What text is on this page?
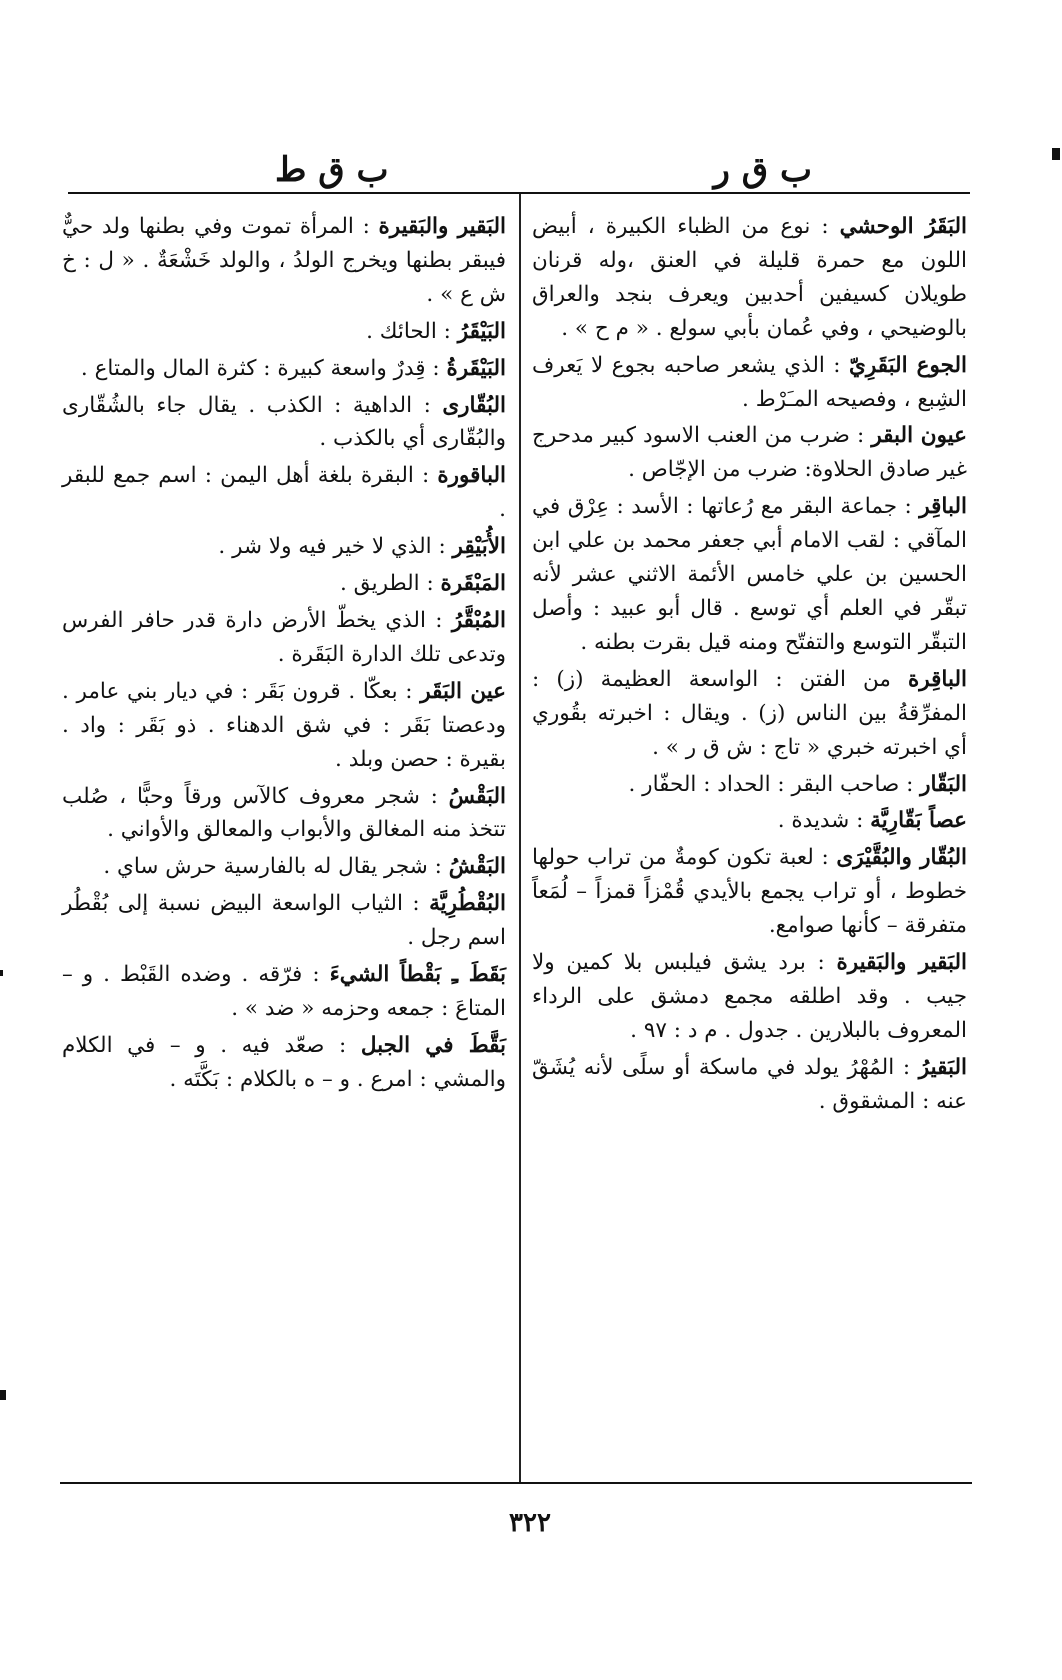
ب ق ر
ب ق ط
البَقَرُ الوحشي : نوع من الظباء الكبيرة ، أبيض اللون مع حمرة قليلة في العنق ،وله قرنان طويلان كسيفين أحدبين ويعرف بنجد والعراق بالوضيحي ، وفي عُمان بأبي سولع . « م ح » .
الجوع البَقَرِيّ : الذي يشعر صاحبه بجوع لا يَعرف الشِبع ، وفصيحه المـَرْط .
عيون البقر : ضرب من العنب الاسود كبير مدحرج غير صادق الحلاوة: ضرب من الإجّاص .
الباقِر : جماعة البقر مع رُعاتها : الأسد : عِرْق في المآقي : لقب الامام أبي جعفر محمد بن علي ابن الحسين بن علي خامس الأئمة الاثني عشر لأنه تبقّر في العلم أي توسع . قال أبو عبيد : وأصل التبقّر التوسع والتفتّح ومنه قيل بقرت بطنه .
الباقِرة من الفتن : الواسعة العظيمة (ز) : المفرِّقةُ بين الناس (ز) . ويقال : اخبرته بقُوري أي اخبرته خبري « تاج : ش ق ر » .
البَقّار : صاحب البقر : الحداد : الحفّار .
عصاً بَقّارِيَّة : شديدة .
البُقّار والبُقَّيْرَى : لعبة تكون كومةٌ من تراب حولها خطوط ، أو تراب يجمع بالأيدي قُمْزاً قمزاً – لُمَعاً متفرقة – كأنها صوامع.
البَقير والبَقيرة : برد يشق فيلبس بلا كمين ولا جيب . وقد اطلقه مجمع دمشق على الرداء المعروف بالبلارين . جدول . م د : ٩٧ .
البَقيرُ : المُهْرُ يولد في ماسكة أو سلًى لأنه يُشَقّ عنه : المشقوق .
البَقير والبَقيرة : المرأة تموت وفي بطنها ولد حيٌّ فيبقر بطنها ويخرج الولدُ ، والولد خَشْعَةٌ . « ل : خ ش ع » .
البَيْقَرُ : الحائك .
البَيْقَرةُ : قِدرٌ واسعة كبيرة : كثرة المال والمتاع .
البُقّارى : الداهية : الكذب . يقال جاء بالشُقّارى والبُقّارى أي بالكذب .
الباقورة : البقرة بلغة أهل اليمن : اسم جمع للبقر .
الأُبَيْقِر : الذي لا خير فيه ولا شر .
المَبْقَرة : الطريق .
المُبْقَّرُ : الذي يخطّ الأرض دارة قدر حافر الفرس وتدعى تلك الدارة البَقَرة .
عين البَقَر : بعكّا . قرون بَقَر : في ديار بني عامر . ودعصتا بَقَر : في شق الدهناء . ذو بَقَر : واد . بقيرة : حصن وبلد .
البَقْسُ : شجر معروف كالآس ورقاً وحبًّا ، صُلب تتخذ منه المغالق والأبواب والمعالق والأواني .
البَقْشُ : شجر يقال له بالفارسية حرش ساي .
البُقْطُرِيَّة : الثياب الواسعة البيض نسبة إلى بُقْطُر اسم رجل .
بَقَطَ ـِ بَقْطاً الشيءَ : فرّقه . وضده القَبْط . و – المتاعَ : جمعه وحزمه « ضد » .
بَقَّطَ في الجبل : صعّد فيه . و – في الكلام والمشي : امرع . و – ه بالكلام : بَكَّتَه .
٣٢٢
